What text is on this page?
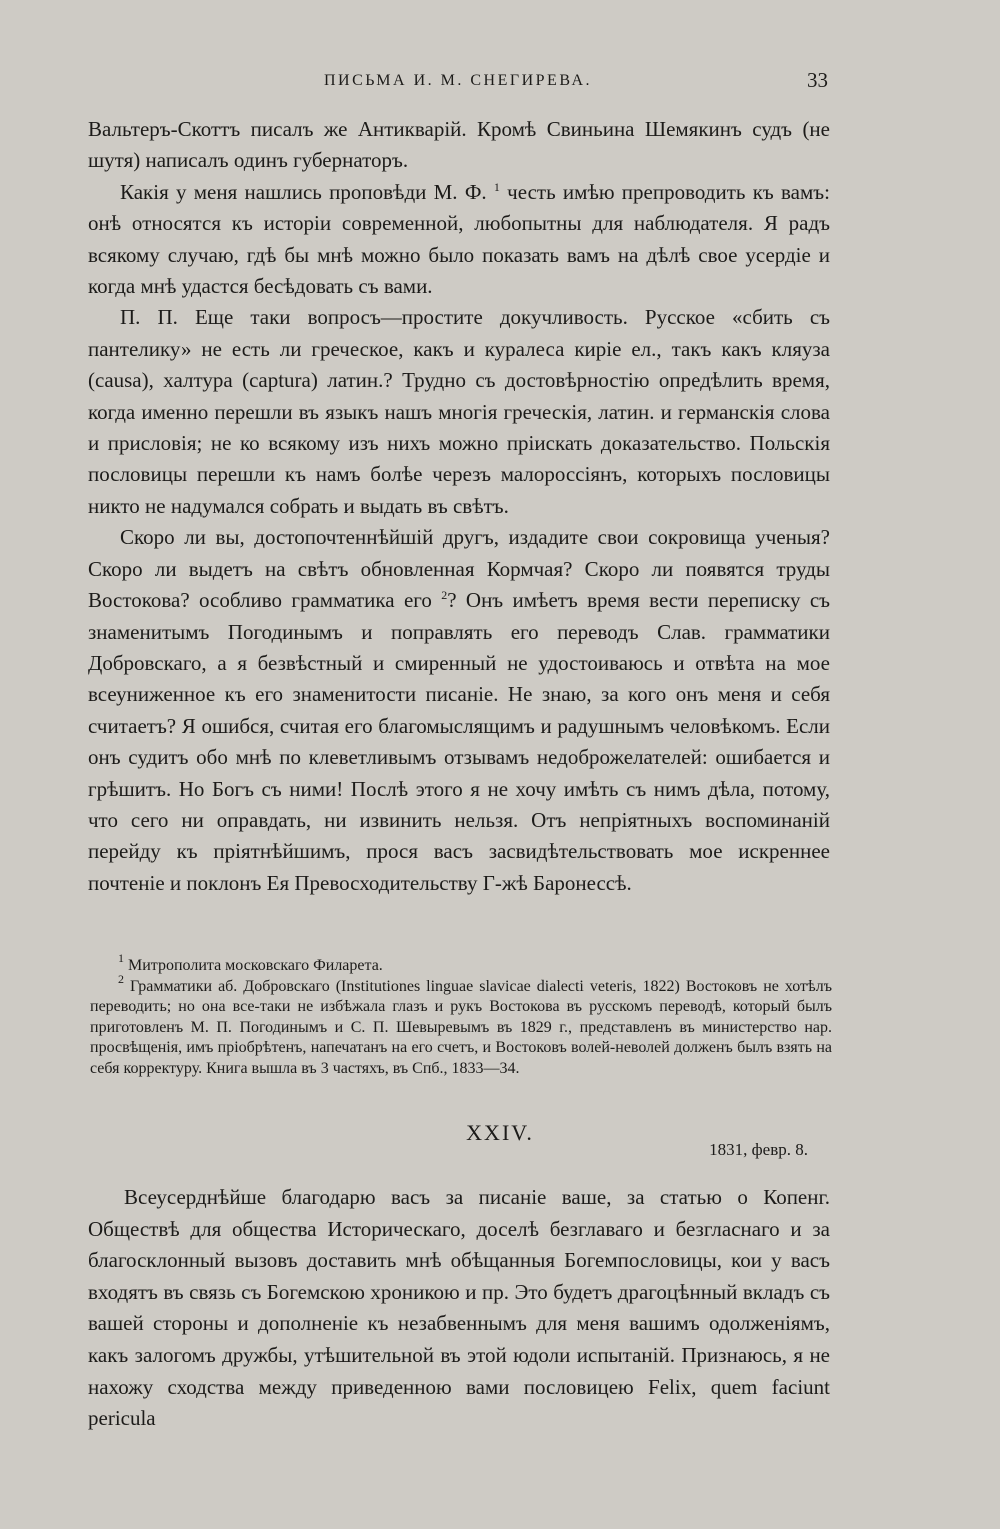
ПИСЬМА И. М. СНЕГИРЕВА.	33

Вальтеръ-Скоттъ писалъ же Антикварій. Кромѣ Свиньина Шемякинъ судъ (не шутя) написалъ одинъ губернаторъ.

Какія у меня нашлись проповѣди М. Ф. $^1$ честь имѣю препроводить къ вамъ: онѣ относятся къ исторіи современной, любопытны для наблюдателя. Я радъ всякому случаю, гдѣ бы мнѣ можно было показать вамъ на дѣлѣ свое усердіе и когда мнѣ удастся бесѣдовать съ вами.

П. П. Еще таки вопросъ—простите докучливость. Русское «сбить съ пантелику» не есть ли греческое, какъ и куралеса киріе ел., такъ какъ кляуза (causa), халтура (captura) латин.? Трудно съ достовѣрностію опредѣлить время, когда именно перешли въ языкъ нашъ многія греческія, латин. и германскія слова и присловія; не ко всякому изъ нихъ можно пріискать доказательство. Польскія пословицы перешли къ намъ болѣе черезъ малороссіянъ, которыхъ пословицы никто не надумался собрать и выдать въ свѣтъ.

Скоро ли вы, достопочтеннѣйшій другъ, издадите свои сокровища ученыя? Скоро ли выдетъ на свѣтъ обновленная Кормчая? Скоро ли появятся труды Востокова? особливо грамматика его $^2$? Онъ имѣетъ время вести переписку съ знаменитымъ Погодинымъ и поправлять его переводъ Слав. грамматики Добровскаго, а я безвѣстный и смиренный не удостоиваюсь и отвѣта на мое всеуниженное къ его знаменитости писаніе. Не знаю, за кого онъ меня и себя считаетъ? Я ошибся, считая его благомыслящимъ и радушнымъ человѣкомъ. Если онъ судитъ обо мнѣ по клеветливымъ отзывамъ недоброжелателей: ошибается и грѣшитъ. Но Богъ съ ними! Послѣ этого я не хочу имѣть съ нимъ дѣла, потому, что сего ни оправдать, ни извинить нельзя. Отъ непріятныхъ воспоминаній перейду къ пріятнѣйшимъ, прося васъ засвидѣтельствовать мое искреннее почтеніе и поклонъ Ея Превосходительству Г-жѣ Баронессѣ.

$^1$ Митрополита московскаго Филарета.

$^2$ Грамматики аб. Добровскаго (Institutiones linguae slavicae dialecti veteris, 1822) Востоковъ не хотѣлъ переводить; но она все-таки не избѣжала глазъ и рукъ Востокова въ русскомъ переводѣ, который былъ приготовленъ М. П. Погодинымъ и С. П. Шевыревымъ въ 1829 г., представленъ въ министерство нар. просвѣщенія, имъ пріобрѣтенъ, напечатанъ на его счетъ, и Востоковъ волей-неволей долженъ былъ взять на себя корректуру. Книга вышла въ 3 частяхъ, въ Спб., 1833—34.

XXIV.
1831, февр. 8.

Всеусерднѣйше благодарю васъ за писаніе ваше, за статью о Копенг. Обществѣ для общества Историческаго, доселѣ безглаваго и безгласнаго и за благосклонный вызовъ доставить мнѣ обѣщанныя Богемпословицы, кои у васъ входятъ въ связь съ Богемскою хроникою и пр. Это будетъ драгоцѣнный вкладъ съ вашей стороны и дополненіе къ незабвеннымъ для меня вашимъ одолженіямъ, какъ залогомъ дружбы, утѣшительной въ этой юдоли испытаній. Признаюсь, я не нахожу сходства между приведенною вами пословицею Felix, quem faciunt pericula
